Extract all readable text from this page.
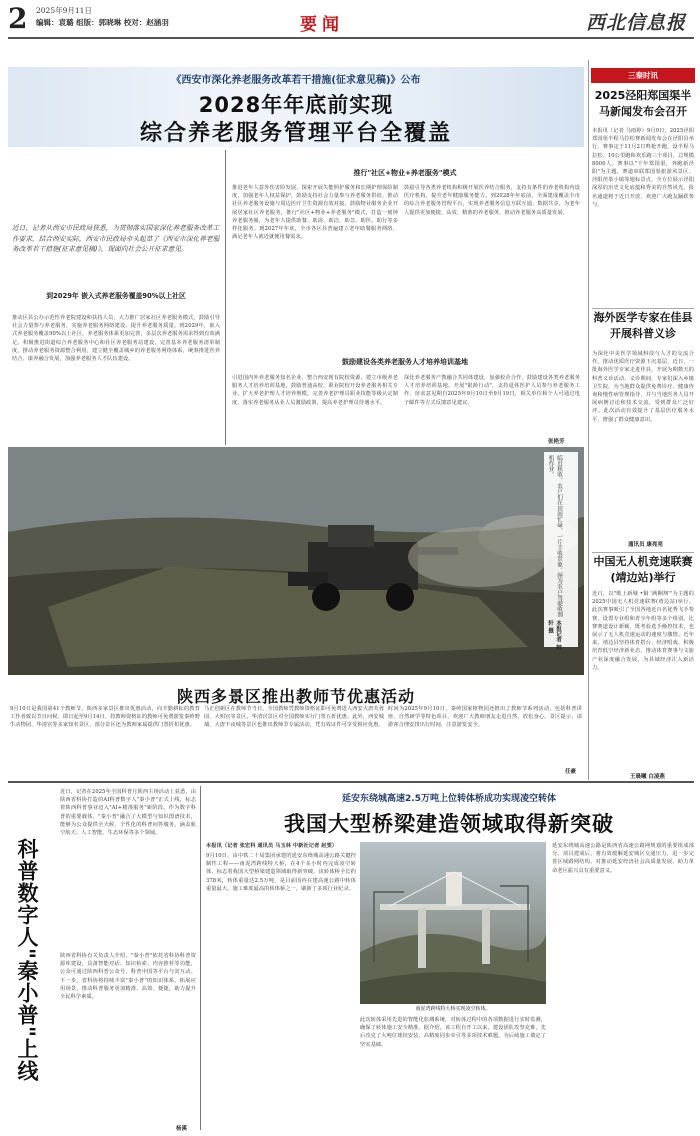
2 2025年9月11日
编辑：袁璐 组版：郭晓琳 校对：赵涵羽	要闻	西北信息报
《西安市深化养老服务改革若干措施(征求意见稿)》公布
2028年年底前实现
综合养老服务管理平台全覆盖
近日，记者从西安市民政局获悉，为贯彻落实国家深化养老服务改革工作要求，结合西安实际，西安市民政局牵头起草了《西安市深化养老服务改革若干措施(征求意见稿)》，现面向社会公开征求意见。
到2029年 嵌入式养老服务覆盖90%以上社区
推动区县公办示范性养老院建设和扶持人员，大力推广居家社区养老服务模式，鼓励引导社会力量参与养老服务，实施养老服务网络建设、提升养老服务质量。到2029年，嵌入式养老服务覆盖90%以上社区，养老服务体系更加完善，多层次养老服务需求得到有效满足。积极推进街道综合养老服务中心和社区养老服务站建设，完善基本养老服务清单制度，推动养老服务资源整合利用，建立健全覆盖城乡的养老服务网络体系，统筹推进医养结合、康养融合发展，加强养老服务人才队伍建设。
推行"社区+物业+养老服务"模式
推进老年人意外伤害险发展，探索开展失能照护服务和长期护理保险制度，加强老年人权益保护，鼓励支持社会力量参与养老服务供给。推动社区养老服务设施与周边医疗卫生资源有效对接，鼓励物业服务企业开展居家社区养老服务，推行"社区+物业+养老服务"模式，打造一刻钟养老服务圈，为老年人提供助餐、助浴、助洁、助急、助医、助行等多样化服务。到2027年年底，全市各区县普遍建立老年助餐服务网络，满足老年人就近就便用餐需求。
鼓励引导各类养老机构积极开展医养结合服务，支持有条件的养老机构内设医疗机构，提升老年健康服务能力。到2028年年底前，全面建成覆盖全市的综合养老服务管理平台，实现养老服务信息互联互通、数据共享，为老年人提供更加便捷、高效、精准的养老服务，推动养老服务高质量发展。
鼓励建设各类养老服务人才培养培训基地
引进国内外养老服务知名企业，整合西安现有院校资源，建立市级养老服务人才培养培训基地，鼓励普通高校、职业院校开设养老服务相关专业，扩大养老护理人才培养规模，完善养老护理员职业技能等级认定制度，落实养老服务从业人员激励政策，提高养老护理员待遇水平。
深化养老服务产教融合共同体建设，加强校企合作，鼓励建设各类养老服务人才培养培训基地。开展"银龄行动"，支持退休医护人员参与养老服务工作。征求意见期自2025年9月10日至9月19日，相关单位和个人可通过电子邮件等方式反馈意见建议。
张艳芳
临近秋收，农户们在田间忙碌，一片丰收景象。图为农户驾驶收割机作业。
本报记者 韩轩 摄
陕西多景区推出教师节优惠活动
9月10日是我国第41个教师节。陕西多家景区推出优惠活动，向辛勤耕耘的教育工作者致以节日问候。即日起至9月14日，持教师资格证的教师可免费游览秦岭野生动物园、华清宫等多家知名景区，部分景区还为教师家属提供门票折扣优惠。
马正创新区在教师节当日，全国教师凭教师资格证即可免费进入西安大唐芙蓉园、大明宫等景区。华清宫景区对全国教师实行门票五折优惠。此外，西安城墙、大唐不夜城等景区也推出教师节专属活动，凭有效证件可享受相应优惠。
时间为2025年9月10日，秦岭国家植物园还推出了教师节系列活动，包括科普讲座、自然研学等特色项目，欢迎广大教师朋友走进自然，放松身心。景区提示，请游客合理安排出行时间，注意游览安全。
任豪
三秦时讯
2025泾阳郑国渠半马新闻发布会召开
本报讯（记者 马雨婷）9月9日，2025泾阳郑国渠半程马拉松赛新闻发布会在泾阳县举行。赛事定于11月2日鸣枪开跑，设半程马拉松、10公里跑和欢乐跑三个项目，总规模8000人。赛事以"千年郑国渠，奔跑新泾阳"为主题，赛道串联郑国渠旅游风景区、泾阳茯茶小镇等地标景点，全方位展示泾阳深厚的历史文化底蕴和秀美的自然风光。报名通道将于近日开放，欢迎广大跑友踊跃参与。
海外医学专家在佳县开展科普义诊
为深化中美医学领域科技与人才的交流合作，推动优质医疗资源下沉基层，近日，一批海外医学专家走进佳县，开展为期数天的科普义诊活动。义诊期间，专家们深入乡镇卫生院，为当地群众提供免费诊疗、健康咨询和慢性病管理指导，并与当地医务人员开展病例讨论和技术交流，受到群众广泛好评。此次活动有效提升了基层医疗服务水平，增强了群众健康意识。
通讯员 康亮亮
中国无人机竞速联赛(靖边站)举行
近日，以"歌上新城 •铜 '满翱翔'"为主题的2025中国无人机竞速联赛(靖边站)举行。此次赛事吸引了全国各地近百名优秀飞手参赛，设置专业组和青少年组等多个组别。比赛赛道设计新颖，既考验选手操控技术，也展示了无人机竞速运动的速度与激情。近年来，靖边县坚持体育搭台、经济唱戏，积极培育低空经济新业态，推动体育赛事与文旅产业深度融合发展，为县域经济注入新活力。
王晨曦 白凌燕
近日，记者在2025年全国科普月陕西主场活动上获悉，由陕西省科协打造的AI科普数字人"秦小普"正式上线，标志着陕西科普事业迈入"AI+精准服务"新阶段。作为数字科普的重要载体，"秦小普"融合了大模型与知识图谱技术，能够为公众提供全天候、个性化的科普问答服务，涵盖航空航天、人工智能、生态环保等多个领域。
科普数字人"秦小普"上线	陕西省科协有关负责人介绍，"秦小普"依托省科协科普资源库建设，具备智能对话、知识检索、内容推荐等功能，公众可通过陕西科普公众号、科普中国等平台与其互动。下一步，省科协将持续丰富"秦小普"的知识体系，拓展应用场景，推动科普服务更加精准、高效、便捷，助力提升全民科学素质。
杨溪
延安东绕城高速2.5万吨上位转体桥成功实现凌空转体
我国大型桥梁建造领域取得新突破
本报讯（记者 张宏科 通讯员 马玉林 中新社记者 赵雯）
9月10日，由中铁二十局集团承建的延安东绕城高速公路关键控制性工程——南泥湾跨线特大桥，在4个多小时内完成凌空转体，标志着我国大型桥梁建造领域取得新突破。该转体桥全长约378米，转体重量达2.5万吨，是目前国内在建高速公路中转体重量最大、施工难度最高的转体桥之一，刷新了多项行业纪录。
南泥湾跨线特大桥实现凌空转体。
此次转体采用先进的智能化监测系统，对转体过程中的各项数据进行实时监测，确保了转体施工安全精准。据介绍，该工程自开工以来，建设团队攻坚克难，先后攻克了大吨位球铰安装、高精度同步牵引等多项技术难题，为后续施工奠定了坚实基础。
延安东绕城高速公路是陕西省高速公路网规划的重要组成部分。项目建成后，将有效缓解延安城区交通压力，进一步完善区域路网结构，对推动延安经济社会高质量发展、助力革命老区振兴具有重要意义。
